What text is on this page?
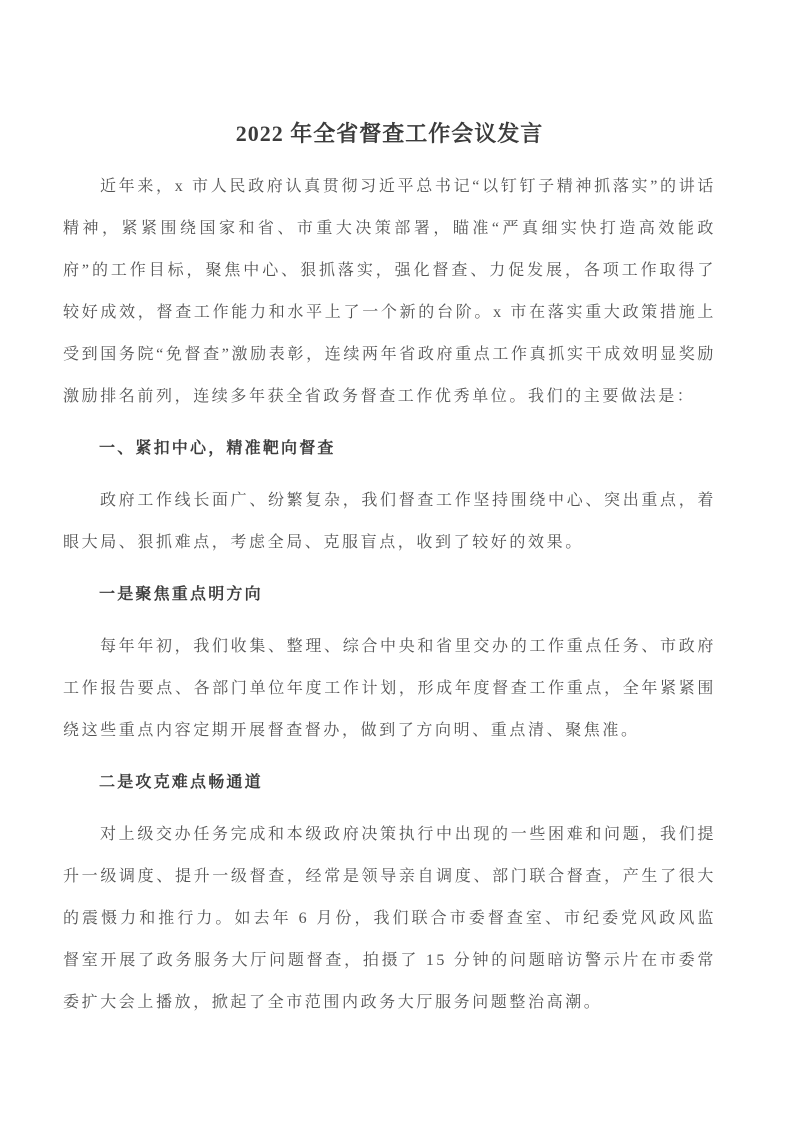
2022 年全省督查工作会议发言

近年来，x 市人民政府认真贯彻习近平总书记“以钉钉子精神抓落实”的讲话精神，紧紧围绕国家和省、市重大决策部署，瞄准“严真细实快打造高效能政府”的工作目标，聚焦中心、狠抓落实，强化督查、力促发展，各项工作取得了较好成效，督查工作能力和水平上了一个新的台阶。x 市在落实重大政策措施上受到国务院“免督查”激励表彰，连续两年省政府重点工作真抓实干成效明显奖励激励排名前列，连续多年获全省政务督查工作优秀单位。我们的主要做法是：

一、紧扣中心，精准靶向督查

政府工作线长面广、纷繁复杂，我们督查工作坚持围绕中心、突出重点，着眼大局、狠抓难点，考虑全局、克服盲点，收到了较好的效果。

一是聚焦重点明方向

每年年初，我们收集、整理、综合中央和省里交办的工作重点任务、市政府工作报告要点、各部门单位年度工作计划，形成年度督查工作重点，全年紧紧围绕这些重点内容定期开展督查督办，做到了方向明、重点清、聚焦准。

二是攻克难点畅通道

对上级交办任务完成和本级政府决策执行中出现的一些困难和问题，我们提升一级调度、提升一级督查，经常是领导亲自调度、部门联合督查，产生了很大的震慑力和推行力。如去年 6 月份，我们联合市委督查室、市纪委党风政风监督室开展了政务服务大厅问题督查，拍摄了 15 分钟的问题暗访警示片在市委常委扩大会上播放，掀起了全市范围内政务大厅服务问题整治高潮。
